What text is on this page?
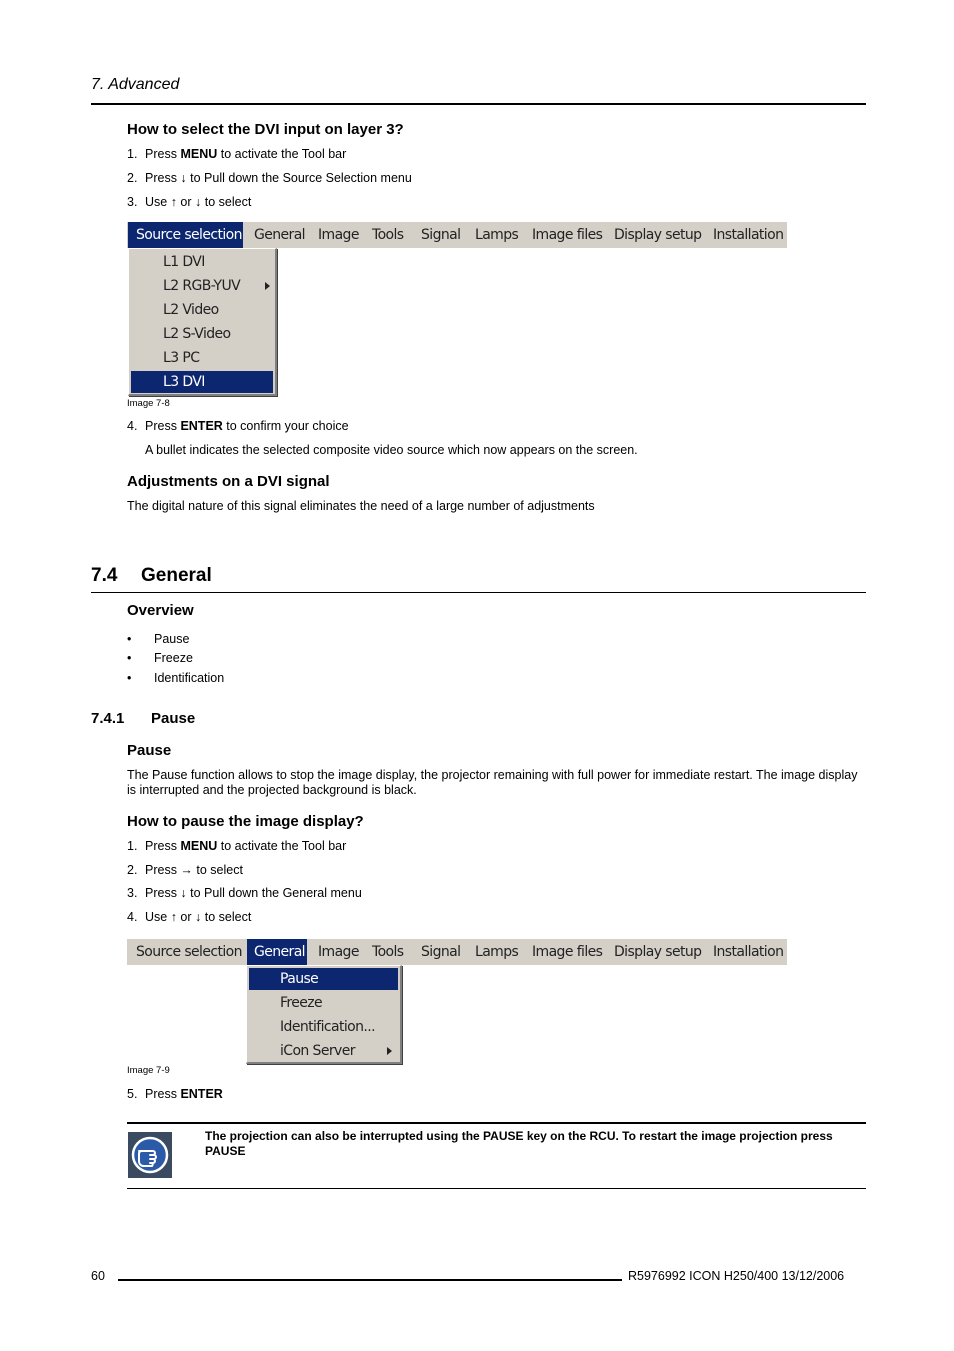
7. Advanced
How to select the DVI input on layer 3?
1. Press MENU to activate the Tool bar
2. Press ↓ to Pull down the Source Selection menu
3. Use ↑ or ↓ to select
Source selection General Image Tools Signal Lamps Image files Display setup Installation
L1 DVI
L2 RGB-YUV
L2 Video
L2 S-Video
L3 PC
L3 DVI
Image 7-8
4. Press ENTER to confirm your choice
A bullet indicates the selected composite video source which now appears on the screen.
Adjustments on a DVI signal
The digital nature of this signal eliminates the need of a large number of adjustments
7.4 General
Overview
• Pause
• Freeze
• Identification
7.4.1 Pause
Pause
The Pause function allows to stop the image display, the projector remaining with full power for immediate restart. The image display is interrupted and the projected background is black.
How to pause the image display?
1. Press MENU to activate the Tool bar
2. Press → to select
3. Press ↓ to Pull down the General menu
4. Use ↑ or ↓ to select
Source selection General Image Tools Signal Lamps Image files Display setup Installation
Pause
Freeze
Identification...
iCon Server
Image 7-9
5. Press ENTER
The projection can also be interrupted using the PAUSE key on the RCU. To restart the image projection press PAUSE
60	R5976992 ICON H250/400 13/12/2006
